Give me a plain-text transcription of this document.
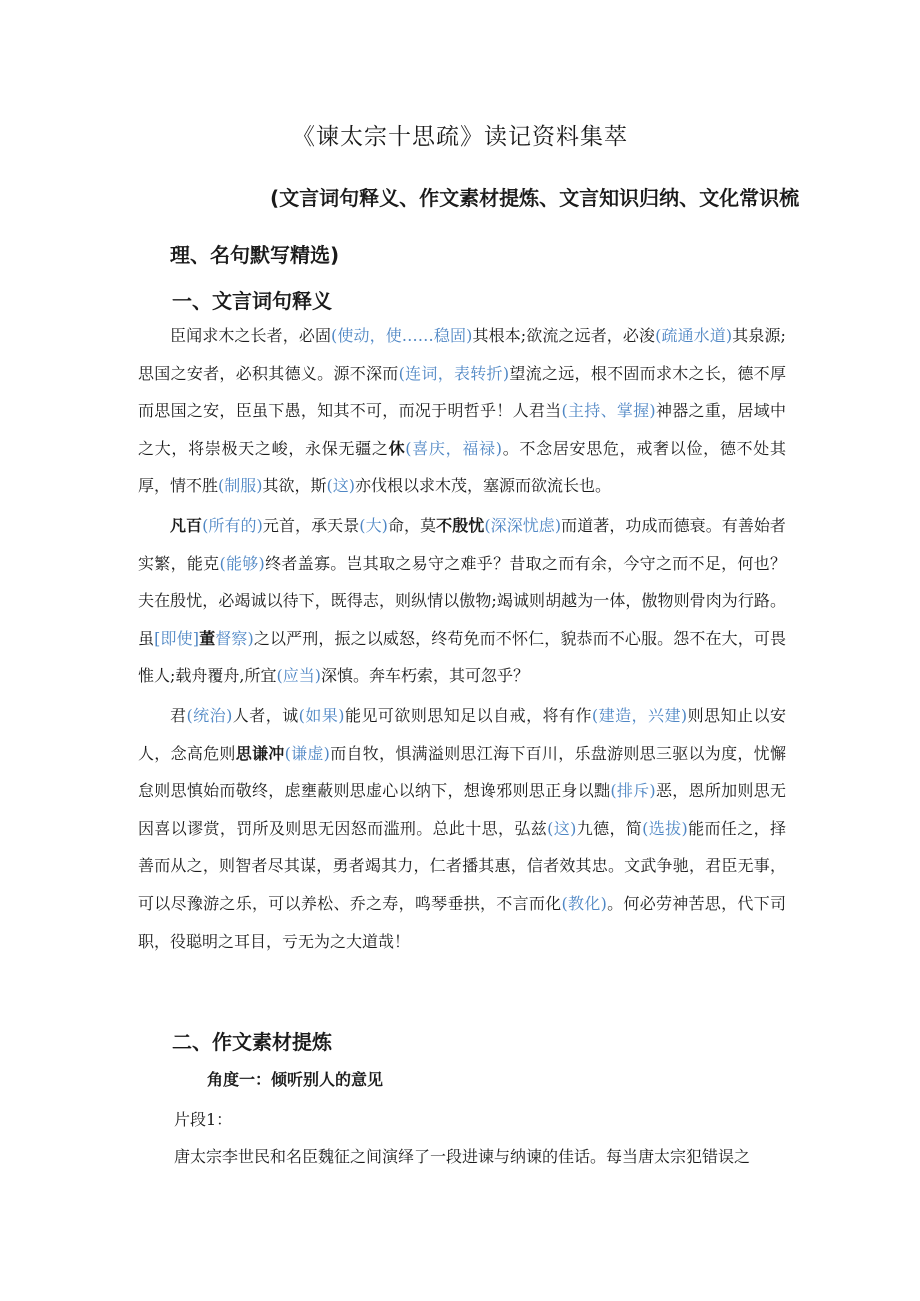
《谏太宗十思疏》读记资料集萃
(文言词句释义、作文素材提炼、文言知识归纳、文化常识梳理、名句默写精选)
一、文言词句释义

臣闻求木之长者，必固(使动，使……稳固)其根本;欲流之远者，必浚(疏通水道)其泉源;思国之安者，必积其德义。源不深而(连词，表转折)望流之远，根不固而求木之长，德不厚而思国之安，臣虽下愚，知其不可，而况于明哲乎！人君当(主持、掌握)神器之重，居域中之大，将崇极天之峻，永保无疆之休(喜庆，福禄)。不念居安思危，戒奢以俭，德不处其厚，情不胜(制服)其欲，斯(这)亦伐根以求木茂，塞源而欲流长也。

凡百(所有的)元首，承天景(大)命，莫不殷忧(深深忧虑)而道著，功成而德衰。有善始者实繁，能克(能够)终者盖寡。岂其取之易守之难乎？昔取之而有余，今守之而不足，何也？夫在殷忧，必竭诚以待下，既得志，则纵情以傲物;竭诚则胡越为一体，傲物则骨肉为行路。虽[即使]董督察)之以严刑，振之以威怒，终苟免而不怀仁，貌恭而不心服。怨不在大，可畏惟人;载舟覆舟,所宜(应当)深慎。奔车朽索，其可忽乎？

君(统治)人者，诚(如果)能见可欲则思知足以自戒，将有作(建造，兴建)则思知止以安人，念高危则思谦冲(谦虚)而自牧，惧满溢则思江海下百川，乐盘游则思三驱以为度，忧懈怠则思慎始而敬终，虑壅蔽则思虚心以纳下，想谗邪则思正身以黜(排斥)恶，恩所加则思无因喜以谬赏，罚所及则思无因怒而滥刑。总此十思，弘兹(这)九德，简(选拔)能而任之，择善而从之，则智者尽其谋，勇者竭其力，仁者播其惠，信者效其忠。文武争驰，君臣无事，可以尽豫游之乐，可以养松、乔之寿，鸣琴垂拱，不言而化(教化)。何必劳神苦思，代下司职，役聪明之耳目，亏无为之大道哉！

二、作文素材提炼
角度一：倾听别人的意见
片段1：
唐太宗李世民和名臣魏征之间演绎了一段进谏与纳谏的佳话。每当唐太宗犯错误之
